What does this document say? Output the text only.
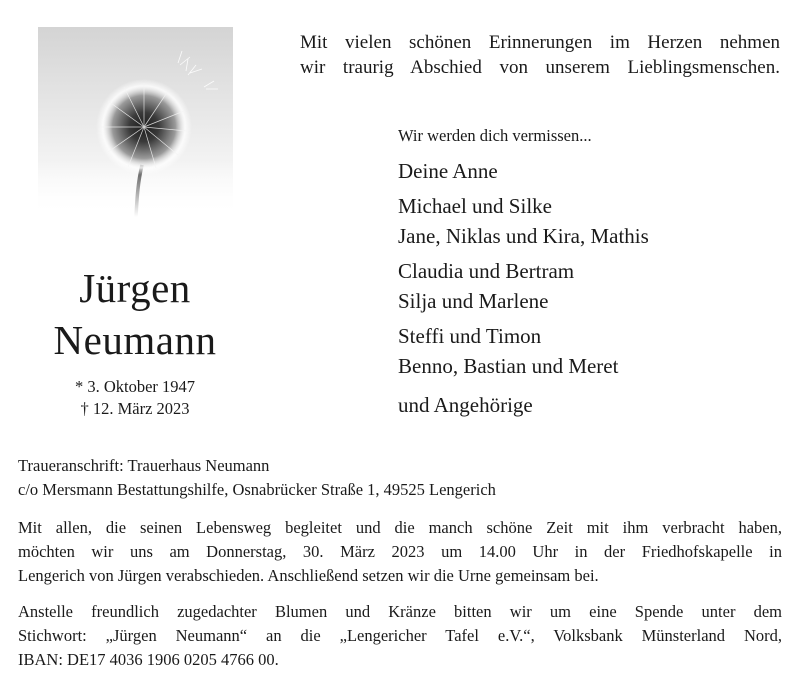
Jürgen
Neumann
* 3. Oktober 1947
† 12. März 2023
Mit vielen schönen Erinnerungen im Herzen nehmen
wir traurig Abschied von unserem Lieblingsmenschen.
Wir werden dich vermissen...
Deine Anne
Michael und Silke
Jane, Niklas und Kira, Mathis
Claudia und Bertram
Silja und Marlene
Steffi und Timon
Benno, Bastian und Meret
und Angehörige
Traueranschrift: Trauerhaus Neumann
c/o Mersmann Bestattungshilfe, Osnabrücker Straße 1, 49525 Lengerich
Mit allen, die seinen Lebensweg begleitet und die manch schöne Zeit mit ihm verbracht haben,
möchten wir uns am Donnerstag, 30. März 2023 um 14.00 Uhr in der Friedhofskapelle in
Lengerich von Jürgen verabschieden. Anschließend setzen wir die Urne gemeinsam bei.
Anstelle freundlich zugedachter Blumen und Kränze bitten wir um eine Spende unter dem
Stichwort: „Jürgen Neumann“ an die „Lengericher Tafel e.V.“, Volksbank Münsterland Nord,
IBAN: DE17 4036 1906 0205 4766 00.
